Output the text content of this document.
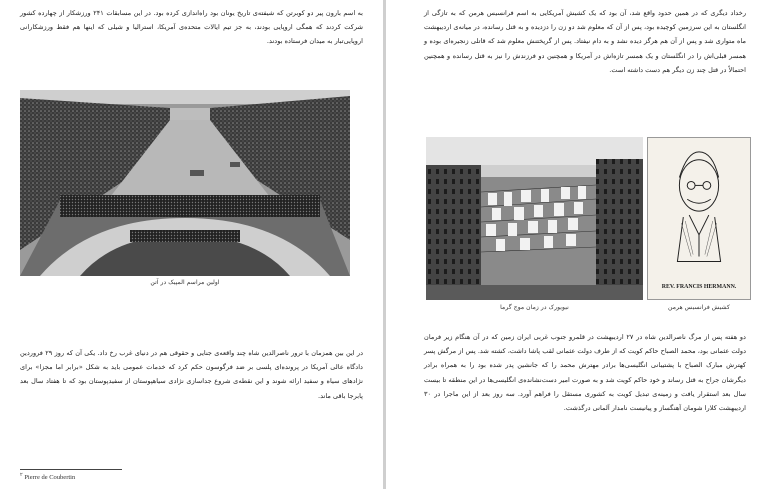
به اسم بارون پیر دو کوبرتن که شیفته‌ی تاریخ یونان بود راه‌اندازی کرده بود. در این مسابقات ۲۴۱ ورزشکار از چهارده کشور شرکت کردند که همگی اروپایی بودند، به جز تیم ایالات متحده‌ی آمریکا، استرالیا و شیلی که اینها هم فقط ورزشکارانی اروپایی‌تبار به میدان فرستاده بودند.

اولین مراسم المپیک در آتن

در این بین همزمان با ترور ناصرالدین شاه چند واقعه‌ی جنایی و حقوقی هم در دنیای غرب رخ داد. یکی آن که روز ۲۹ فروردین دادگاه عالی آمریکا در پرونده‌ای پلسی بر ضد فرگوسون حکم کرد که خدمات عمومی باید به شکل «برابر اما مجزا» برای نژادهای سیاه و سفید ارائه شوند و این نقطه‌ی شروع جداسازی نژادی سیاهپوستان از سفیدپوستان بود که تا هفتاد سال بعد پابرجا باقی ماند.

$^۲$ Pierre de Coubertin

رخداد دیگری که در همین حدود واقع شد، آن بود که یک کشیش آمریکایی به اسم فرانسیس هرمن که به تازگی از انگلستان به این سرزمین کوچیده بود، پس از آن که معلوم شد دو زن را دزدیده و به قتل رسانده، در میانه‌ی اردیبهشت ماه متواری شد و پس از آن هم هرگز دیده نشد و به دام نیفتاد. پس از گریختنش معلوم شد که قاتلی زنجیره‌ای بوده و همسر قبلی‌اش را در انگلستان و یک همسر تازه‌اش در آمریکا و همچنین دو فرزندش را نیز به قتل رسانده و همچنین احتمالاً در قتل چند زن دیگر هم دست داشته است.

REV. FRANCIS HERMANN.

نیویورک در زمان موج گرما	کشیش فرانسیس هرمن

دو هفته پس از مرگ ناصرالدین شاه در ۲۷ اردیبهشت در قلمرو جنوب غربی ایران زمین که در آن هنگام زیر فرمان دولت عثمانی بود، محمد الصباح حاکم کویت که از طرف دولت عثمانی لقب پاشا داشت، کشته شد. پس از مرگش پسر کهترش مبارک الصباح با پشتیبانی انگلیسی‌ها برادر مهترش محمد را که جانشین پدر شده بود را به همراه برادر دیگرشان جراح به قتل رساند و خود حاکم کویت شد و به صورت امیر دست‌نشانده‌ی انگلیسی‌ها در این منطقه تا بیست سال بعد استقرار یافت و زمینه‌ی تبدیل کویت به کشوری مستقل را فراهم آورد. سه روز بعد از این ماجرا در ۳۰ اردیبهشت کلارا شومان آهنگساز و پیانیست نامدار آلمانی درگذشت.
